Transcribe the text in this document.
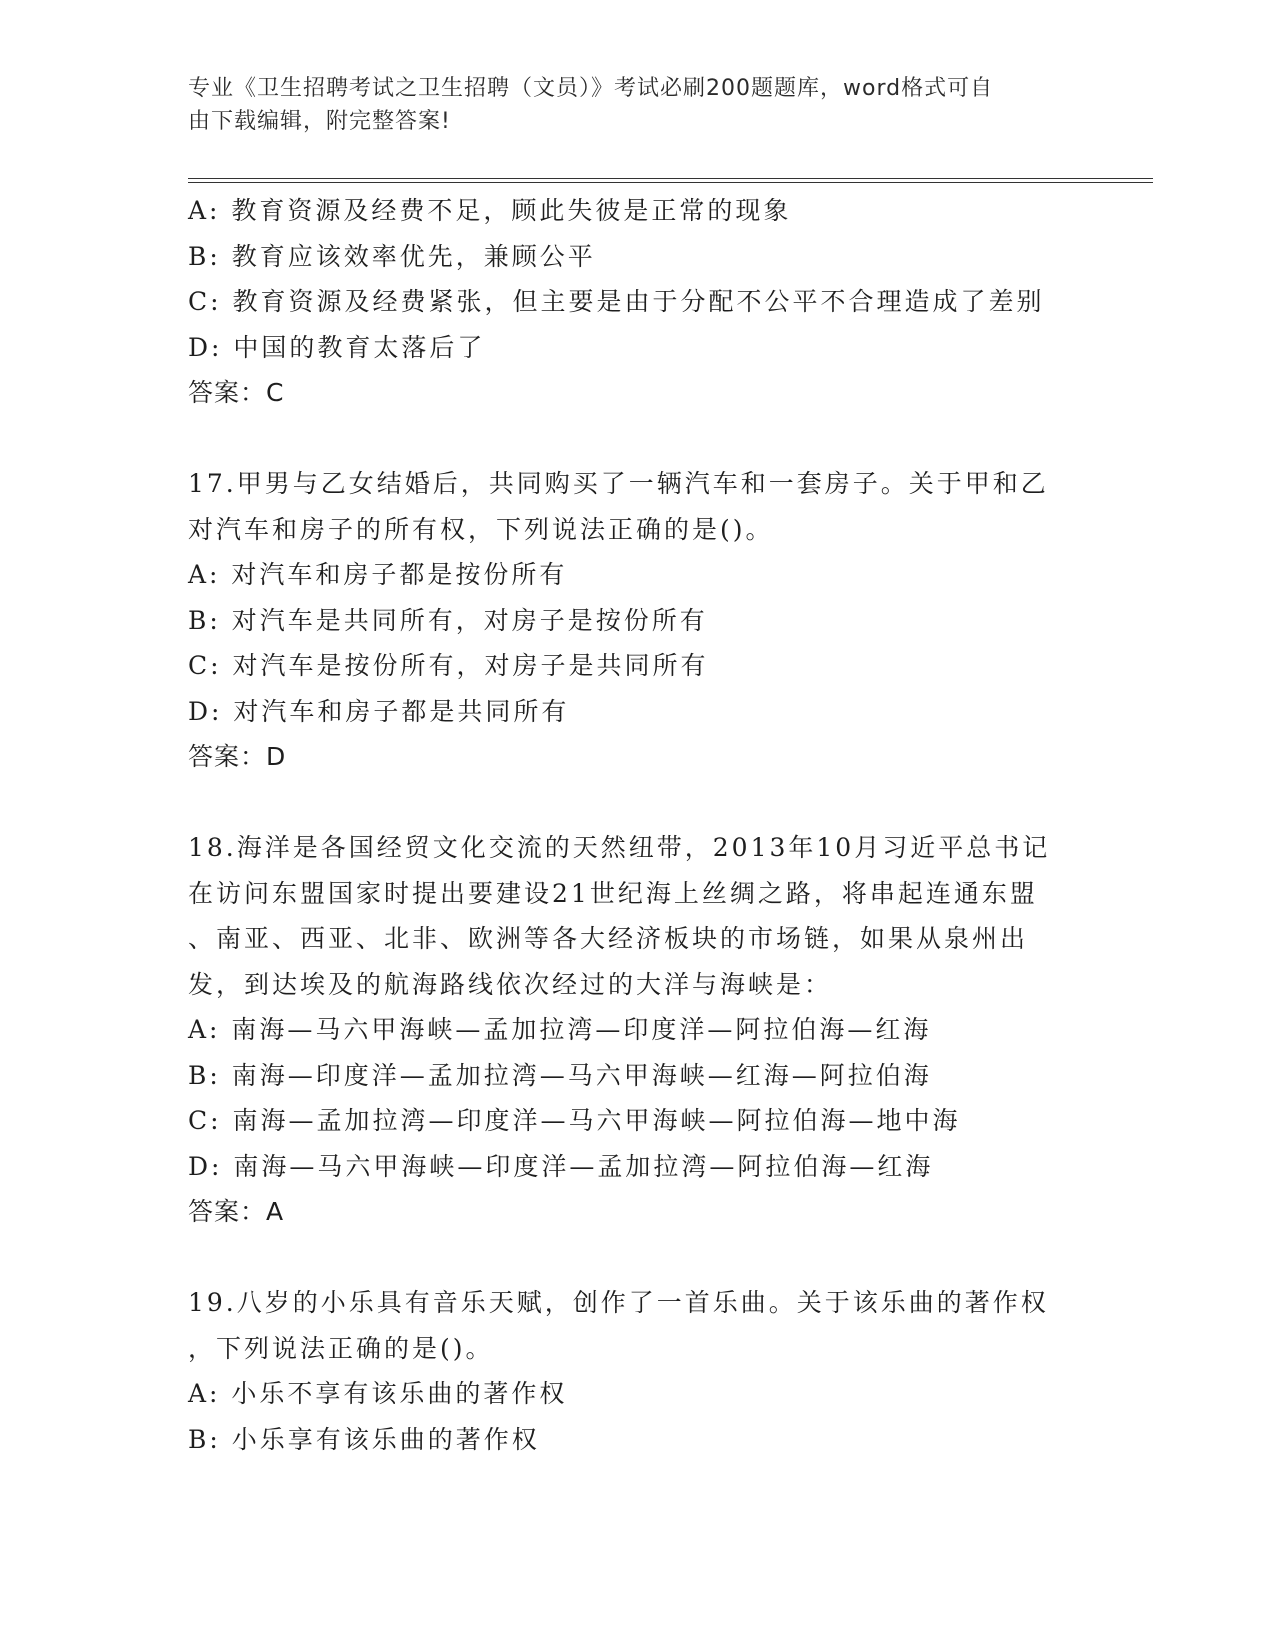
专业《卫生招聘考试之卫生招聘（文员）》考试必刷200题题库，word格式可自
由下载编辑，附完整答案!
A: 教育资源及经费不足，顾此失彼是正常的现象
B: 教育应该效率优先，兼顾公平
C: 教育资源及经费紧张，但主要是由于分配不公平不合理造成了差别
D: 中国的教育太落后了
答案：C
17.甲男与乙女结婚后，共同购买了一辆汽车和一套房子。关于甲和乙
对汽车和房子的所有权，下列说法正确的是()。
A: 对汽车和房子都是按份所有
B: 对汽车是共同所有，对房子是按份所有
C: 对汽车是按份所有，对房子是共同所有
D: 对汽车和房子都是共同所有
答案：D
18.海洋是各国经贸文化交流的天然纽带，2013年10月习近平总书记
在访问东盟国家时提出要建设21世纪海上丝绸之路，将串起连通东盟
、南亚、西亚、北非、欧洲等各大经济板块的市场链，如果从泉州出
发，到达埃及的航海路线依次经过的大洋与海峡是：
A: 南海—马六甲海峡—孟加拉湾—印度洋—阿拉伯海—红海
B: 南海—印度洋—孟加拉湾—马六甲海峡—红海—阿拉伯海
C: 南海—孟加拉湾—印度洋—马六甲海峡—阿拉伯海—地中海
D: 南海—马六甲海峡—印度洋—孟加拉湾—阿拉伯海—红海
答案：A
19.八岁的小乐具有音乐天赋，创作了一首乐曲。关于该乐曲的著作权
，下列说法正确的是()。
A: 小乐不享有该乐曲的著作权
B: 小乐享有该乐曲的著作权
